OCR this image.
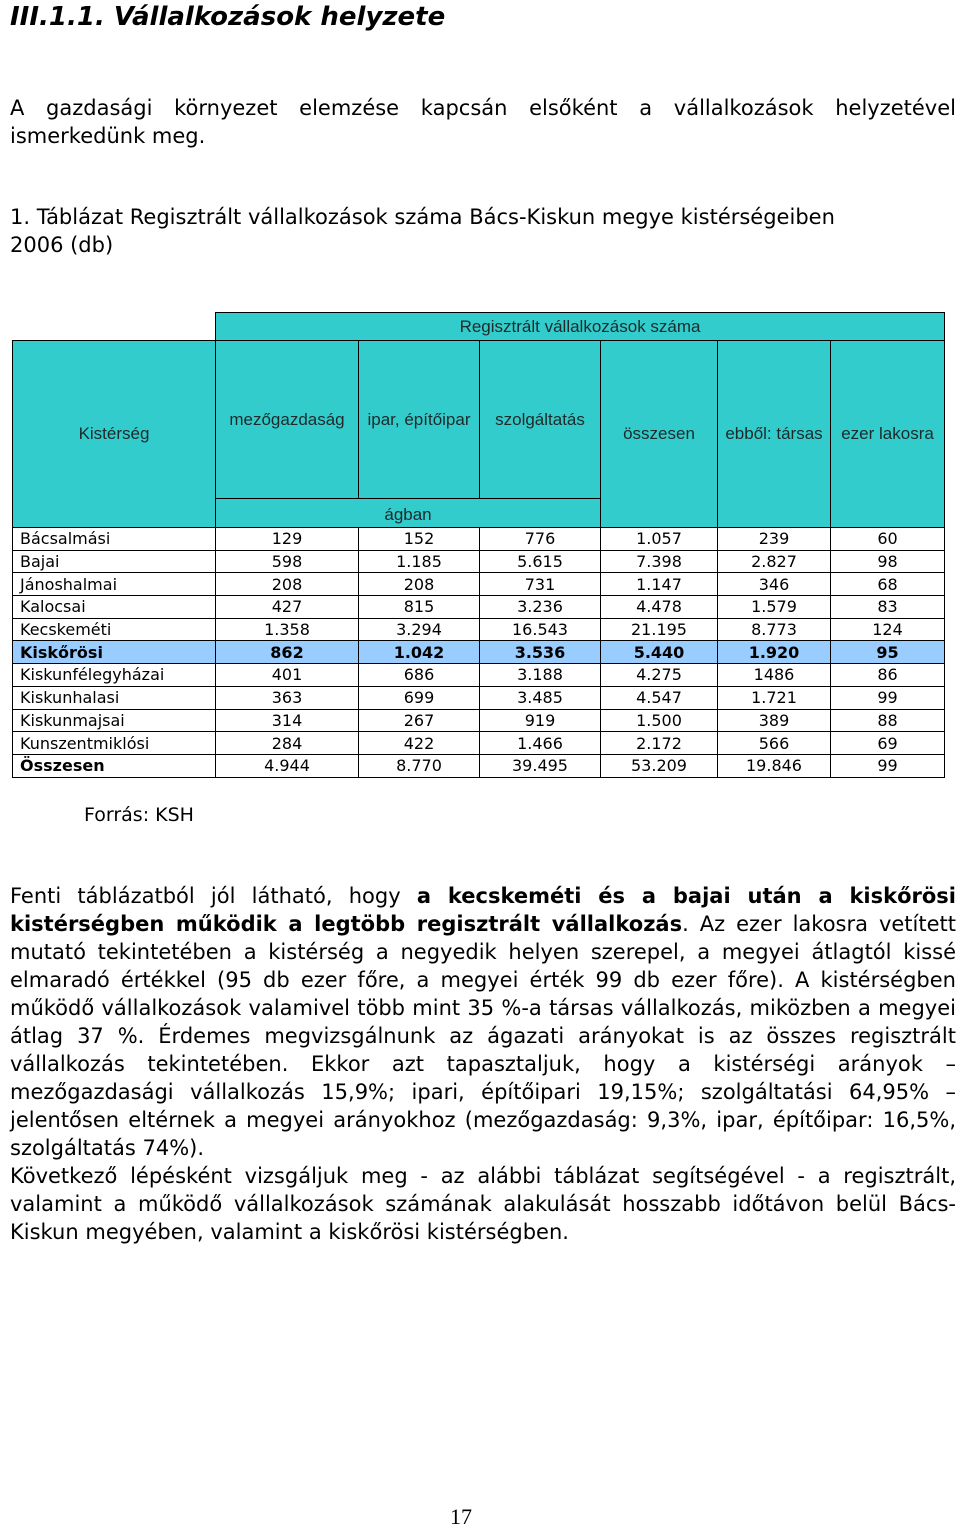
III.1.1. Vállalkozások helyzete
A gazdasági környezet elemzése kapcsán elsőként a vállalkozások helyzetével ismerkedünk meg.
1. Táblázat Regisztrált vállalkozások száma Bács-Kiskun megye kistérségeiben
2006 (db)
	Regisztrált vállalkozások száma					
Kistérség	mezőgazdaság	ipar, építőipar	szolgáltatás	összesen	ebből: társas	ezer lakosra
	ágban					
Bácsalmási	129	152	776	1.057	239	60
Bajai	598	1.185	5.615	7.398	2.827	98
Jánoshalmai	208	208	731	1.147	346	68
Kalocsai	427	815	3.236	4.478	1.579	83
Kecskeméti	1.358	3.294	16.543	21.195	8.773	124
Kiskőrösi	862	1.042	3.536	5.440	1.920	95
Kiskunfélegyházai	401	686	3.188	4.275	1486	86
Kiskunhalasi	363	699	3.485	4.547	1.721	99
Kiskunmajsai	314	267	919	1.500	389	88
Kunszentmiklósi	284	422	1.466	2.172	566	69
Összesen	4.944	8.770	39.495	53.209	19.846	99
Forrás: KSH
Fenti táblázatból jól látható, hogy a kecskeméti és a bajai után a kiskőrösi kistérségben működik a legtöbb regisztrált vállalkozás. Az ezer lakosra vetített mutató tekintetében a kistérség a negyedik helyen szerepel, a megyei átlagtól kissé elmaradó értékkel (95 db ezer főre, a megyei érték 99 db ezer főre). A kistérségben működő vállalkozások valamivel több mint 35 %-a társas vállalkozás, miközben a megyei átlag 37 %. Érdemes megvizsgálnunk az ágazati arányokat is az összes regisztrált vállalkozás tekintetében. Ekkor azt tapasztaljuk, hogy a kistérségi arányok – mezőgazdasági vállalkozás 15,9%; ipari, építőipari 19,15%; szolgáltatási 64,95% – jelentősen eltérnek a megyei arányokhoz (mezőgazdaság: 9,3%, ipar, építőipar: 16,5%, szolgáltatás 74%).
Következő lépésként vizsgáljuk meg - az alábbi táblázat segítségével - a regisztrált, valamint a működő vállalkozások számának alakulását hosszabb időtávon belül Bács-Kiskun megyében, valamint a kiskőrösi kistérségben.
17
